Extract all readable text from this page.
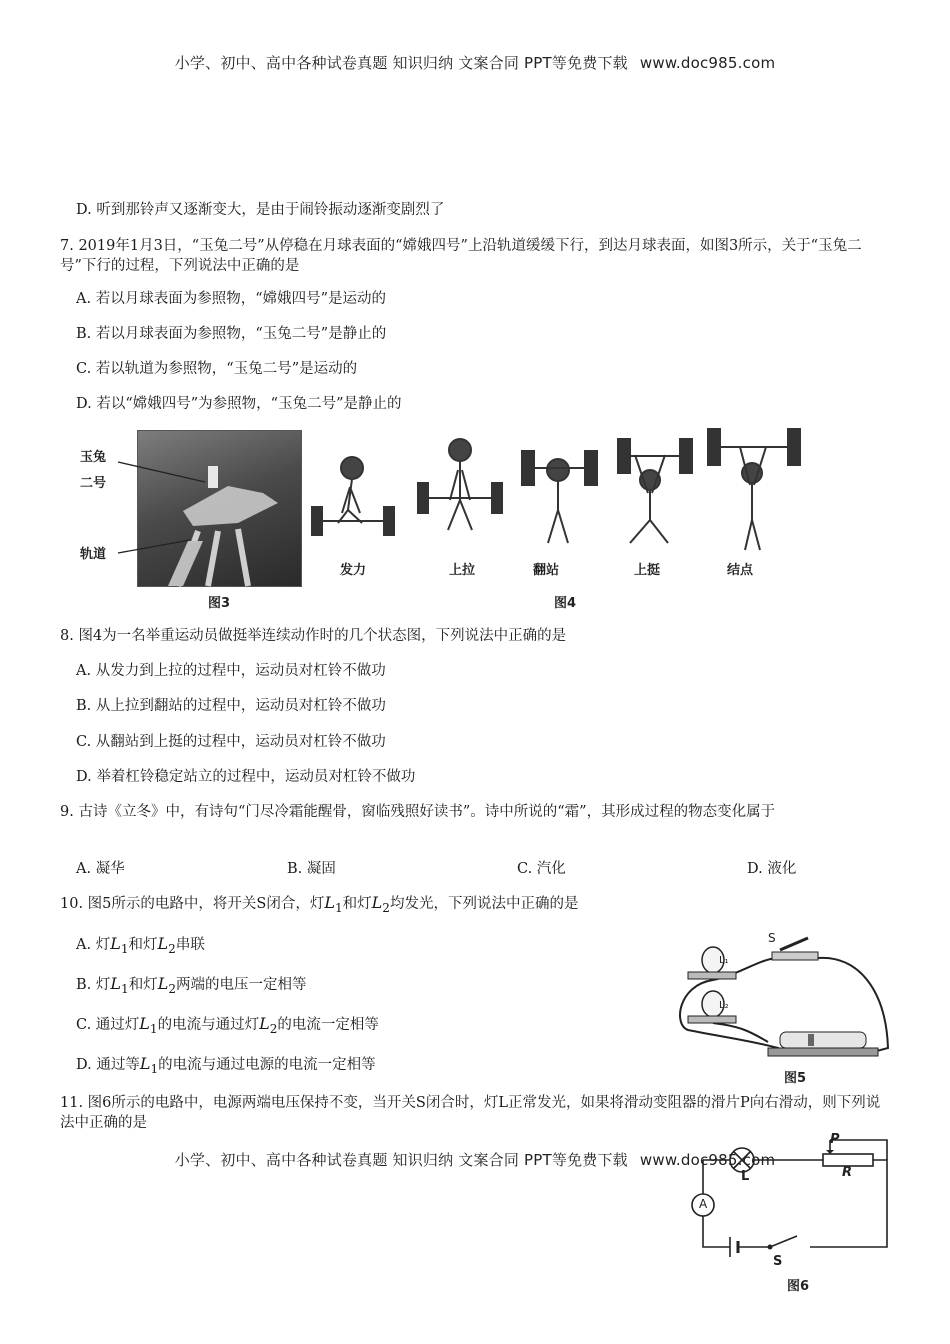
小学、初中、高中各种试卷真题 知识归纳 文案合同 PPT等免费下载 www.doc985.com
D. 听到那铃声又逐渐变大，是由于闹铃振动逐渐变剧烈了
7. 2019年1月3日，“玉兔二号”从停稳在月球表面的“嫦娥四号”上沿轨道缓缓下行，到达月球表面，如图3所示，关于“玉兔二号”下行的过程，下列说法中正确的是
A. 若以月球表面为参照物，“嫦娥四号”是运动的
B. 若以月球表面为参照物，“玉兔二号”是静止的
C. 若以轨道为参照物，“玉兔二号”是运动的
D. 若以“嫦娥四号”为参照物，“玉兔二号”是静止的
玉兔
二号
轨道
图3
发力	上拉	翻站	上挺	结点
图4
8. 图4为一名举重运动员做挺举连续动作时的几个状态图，下列说法中正确的是
A. 从发力到上拉的过程中，运动员对杠铃不做功
B. 从上拉到翻站的过程中，运动员对杠铃不做功
C. 从翻站到上挺的过程中，运动员对杠铃不做功
D. 举着杠铃稳定站立的过程中，运动员对杠铃不做功
9. 古诗《立冬》中，有诗句“门尽冷霜能醒骨，窗临残照好读书”。诗中所说的“霜”，其形成过程的物态变化属于
A. 凝华	B. 凝固	C. 汽化	D. 液化
10. 图5所示的电路中，将开关S闭合，灯$L_1$和灯$L_2$均发光，下列说法中正确的是
A. 灯$L_1$和灯$L_2$串联
B. 灯$L_1$和灯$L_2$两端的电压一定相等
C. 通过灯$L_1$的电流与通过灯$L_2$的电流一定相等
D. 通过等$L_1$的电流与通过电源的电流一定相等
S
L₁
L₂
图5
11. 图6所示的电路中，电源两端电压保持不变，当开关S闭合时，灯L正常发光，如果将滑动变阻器的滑片P向右滑动，则下列说法中正确的是
P
R
L
A
S
图6
小学、初中、高中各种试卷真题 知识归纳 文案合同 PPT等免费下载 www.doc985.com
